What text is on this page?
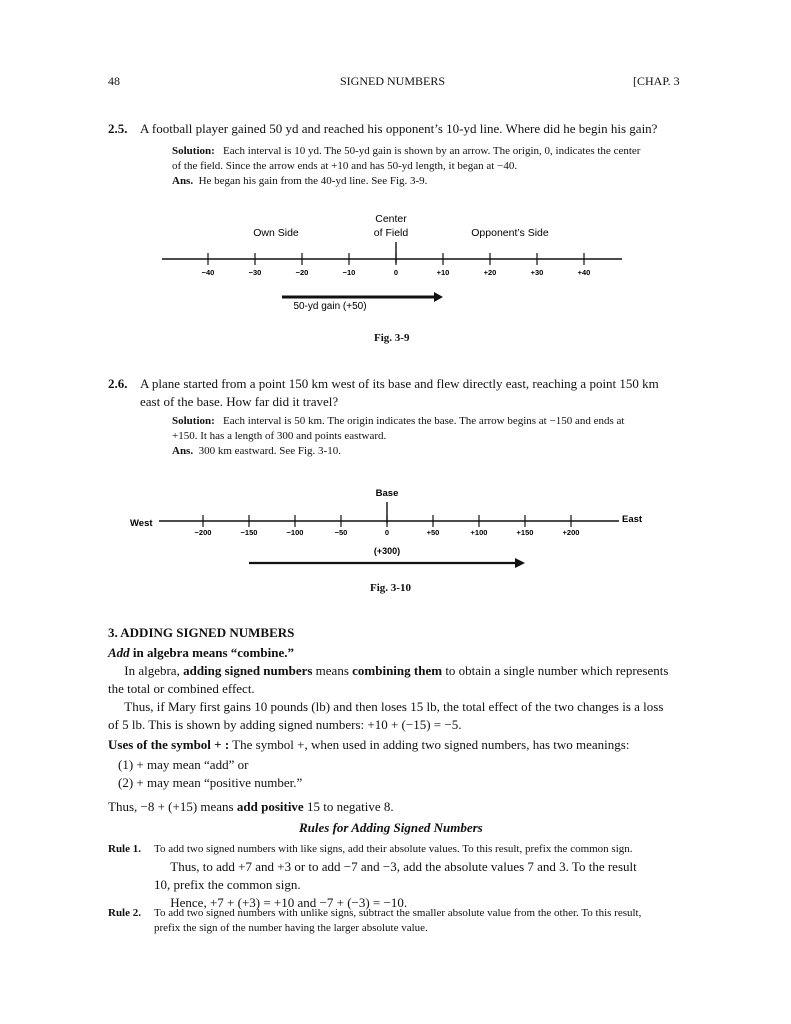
48	SIGNED NUMBERS	[CHAP. 3
2.5. A football player gained 50 yd and reached his opponent’s 10-yd line. Where did he begin his gain?
Solution: Each interval is 10 yd. The 50-yd gain is shown by an arrow. The origin, 0, indicates the center
of the field. Since the arrow ends at +10 and has 50-yd length, it began at −40.
Ans. He began his gain from the 40-yd line. See Fig. 3-9.
Own Side
Center
of Field	Opponent’s Side
−40	−30	−20	−10	0	+10	+20	+30	+40
50-yd gain (+50)
Fig. 3-9
2.6. A plane started from a point 150 km west of its base and flew directly east, reaching a point 150 km
east of the base. How far did it travel?
Solution: Each interval is 50 km. The origin indicates the base. The arrow begins at −150 and ends at
+150. It has a length of 300 and points eastward.
Ans. 300 km eastward. See Fig. 3-10.
Base
West	East
−200	−150	−100	−50	0	+50	+100	+150	+200
(+300)
Fig. 3-10
3. ADDING SIGNED NUMBERS
Add in algebra means “combine.”
In algebra, adding signed numbers means combining them to obtain a single number which represents
the total or combined effect.
Thus, if Mary first gains 10 pounds (lb) and then loses 15 lb, the total effect of the two changes is a loss
of 5 lb. This is shown by adding signed numbers: +10 + (−15) = −5.
Uses of the symbol + : The symbol +, when used in adding two signed numbers, has two meanings:
(1) + may mean “add” or
(2) + may mean “positive number.”
Thus, −8 + (+15) means add positive 15 to negative 8.
Rules for Adding Signed Numbers
Rule 1. To add two signed numbers with like signs, add their absolute values. To this result, prefix the common sign.
Thus, to add +7 and +3 or to add −7 and −3, add the absolute values 7 and 3. To the result
10, prefix the common sign.
Hence, +7 + (+3) = +10 and −7 + (−3) = −10.
Rule 2. To add two signed numbers with unlike signs, subtract the smaller absolute value from the other. To this result,
prefix the sign of the number having the larger absolute value.
